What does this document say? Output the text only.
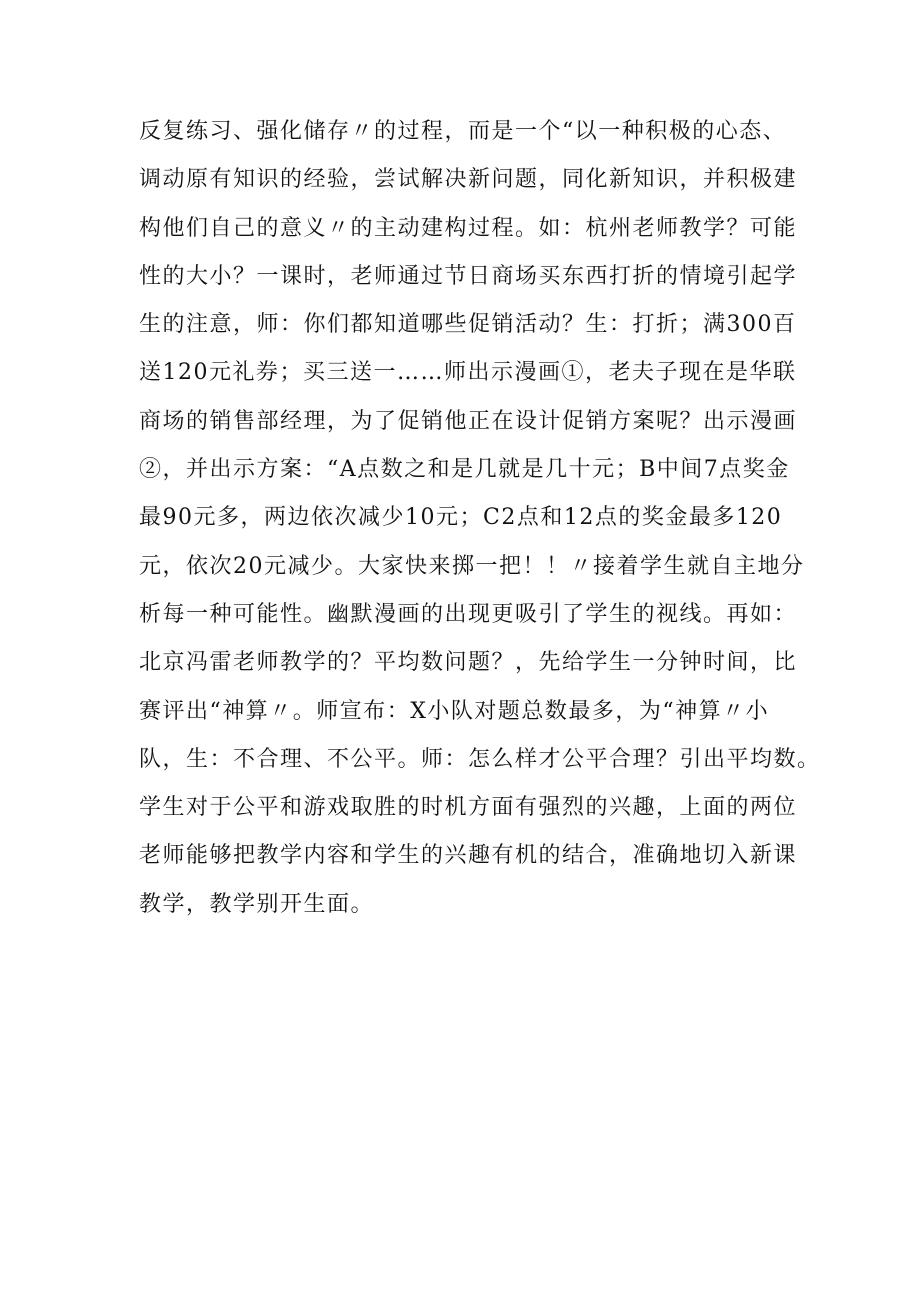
反复练习、强化储存〃的过程，而是一个“以一种积极的心态、
调动原有知识的经验，尝试解决新问题，同化新知识，并积极建
构他们自己的意义〃的主动建构过程。如：杭州老师教学？可能
性的大小？一课时，老师通过节日商场买东西打折的情境引起学
生的注意，师：你们都知道哪些促销活动？生：打折；满300百
送120元礼券；买三送一……师出示漫画①，老夫子现在是华联
商场的销售部经理，为了促销他正在设计促销方案呢？出示漫画
②，并出示方案：“A点数之和是几就是几十元；B中间7点奖金
最90元多，两边依次减少10元；C2点和12点的奖金最多120
元，依次20元减少。大家快来掷一把！！〃接着学生就自主地分
析每一种可能性。幽默漫画的出现更吸引了学生的视线。再如：
北京冯雷老师教学的？平均数问题？，先给学生一分钟时间，比
赛评出“神算〃。师宣布：X小队对题总数最多，为“神算〃小
队，生：不合理、不公平。师：怎么样才公平合理？引出平均数。
学生对于公平和游戏取胜的时机方面有强烈的兴趣，上面的两位
老师能够把教学内容和学生的兴趣有机的结合，准确地切入新课
教学，教学别开生面。
